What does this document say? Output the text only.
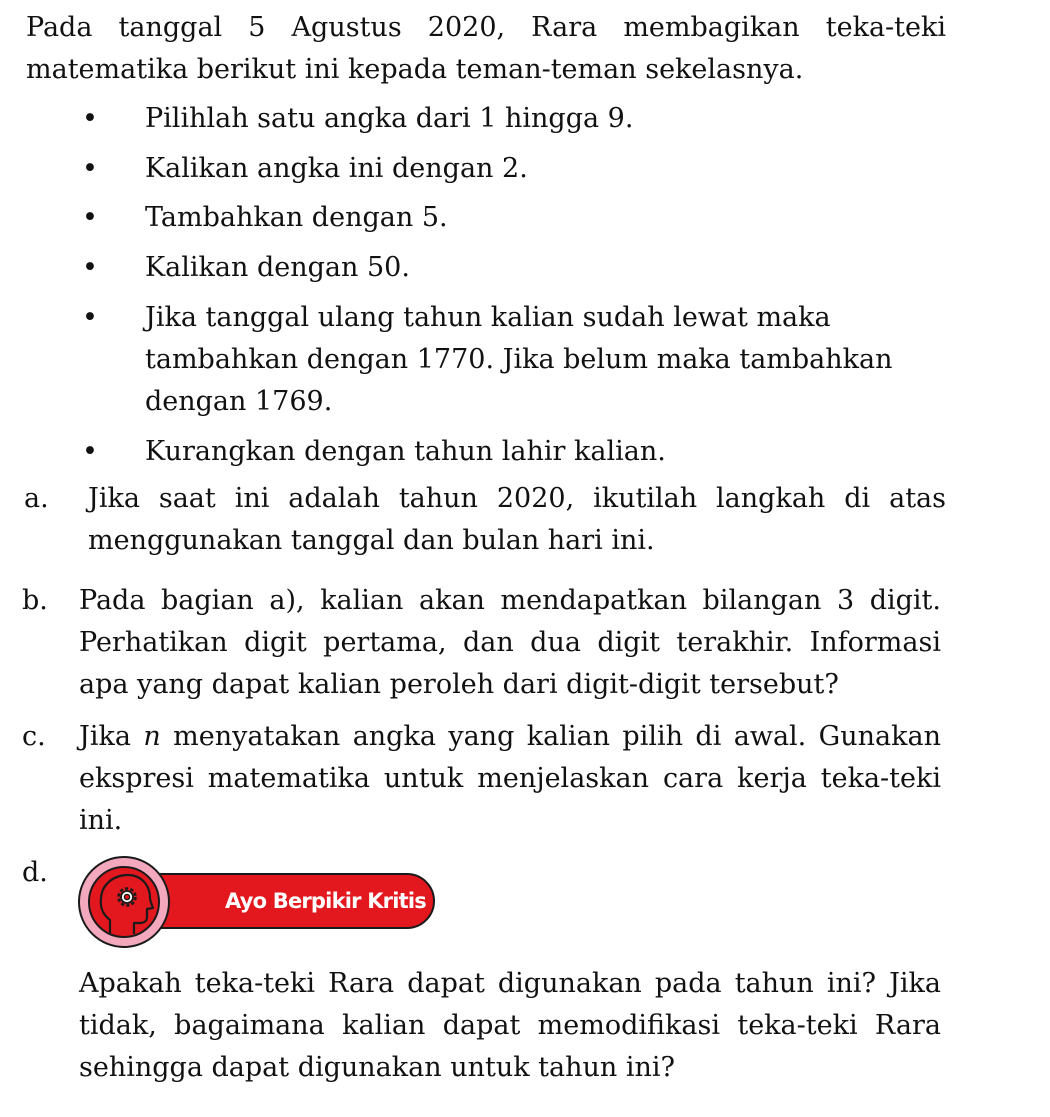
Pada tanggal 5 Agustus 2020, Rara membagikan teka-teki
matematika berikut ini kepada teman-teman sekelasnya.
• Pilihlah satu angka dari 1 hingga 9.
• Kalikan angka ini dengan 2.
• Tambahkan dengan 5.
• Kalikan dengan 50.
• Jika tanggal ulang tahun kalian sudah lewat maka tambahkan dengan 1770. Jika belum maka tambahkan dengan 1769.
• Kurangkan dengan tahun lahir kalian.
a. Jika saat ini adalah tahun 2020, ikutilah langkah di atas menggunakan tanggal dan bulan hari ini.
b. Pada bagian a), kalian akan mendapatkan bilangan 3 digit. Perhatikan digit pertama, dan dua digit terakhir. Informasi apa yang dapat kalian peroleh dari digit-digit tersebut?
c. Jika n menyatakan angka yang kalian pilih di awal. Gunakan ekspresi matematika untuk menjelaskan cara kerja teka-teki ini.
d.
Ayo Berpikir Kritis
Apakah teka-teki Rara dapat digunakan pada tahun ini? Jika tidak, bagaimana kalian dapat memodifikasi teka-teki Rara sehingga dapat digunakan untuk tahun ini?
